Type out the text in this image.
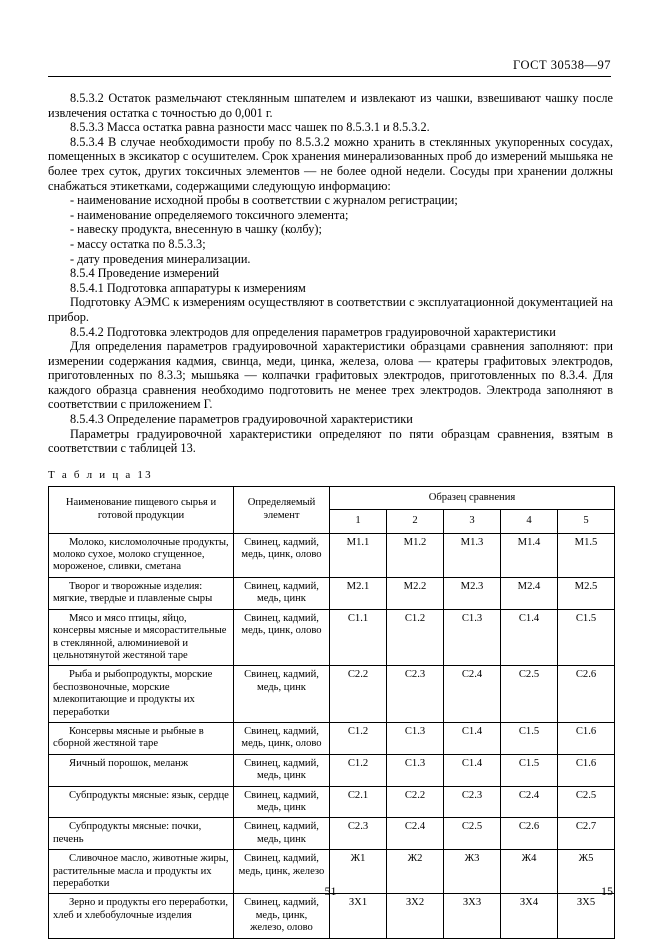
ГОСТ 30538—97

8.5.3.2 Остаток размельчают стеклянным шпателем и извлекают из чашки, взвешивают чашку после извлечения остатка с точностью до 0,001 г.

8.5.3.3 Масса остатка равна разности масс чашек по 8.5.3.1 и 8.5.3.2.

8.5.3.4 В случае необходимости пробу по 8.5.3.2 можно хранить в стеклянных укупоренных сосудах, помещенных в эксикатор с осушителем. Срок хранения минерализованных проб до измерений мышьяка не более трех суток, других токсичных элементов — не более одной недели. Сосуды при хранении должны снабжаться этикетками, содержащими следующую информацию:

- наименование исходной пробы в соответствии с журналом регистрации;

- наименование определяемого токсичного элемента;

- навеску продукта, внесенную в чашку (колбу);

- массу остатка по 8.5.3.3;

- дату проведения минерализации.

8.5.4 Проведение измерений

8.5.4.1 Подготовка аппаратуры к измерениям

Подготовку АЭМС к измерениям осуществляют в соответствии с эксплуатационной документацией на прибор.

8.5.4.2 Подготовка электродов для определения параметров градуировочной характеристики

Для определения параметров градуировочной характеристики образцами сравнения заполняют: при измерении содержания кадмия, свинца, меди, цинка, железа, олова — кратеры графитовых электродов, приготовленных по 8.3.3; мышьяка — колпачки графитовых электродов, приготовленных по 8.3.4. Для каждого образца сравнения необходимо подготовить не менее трех электродов. Электрода заполняют в соответствии с приложением Г.

8.5.4.3 Определение параметров градуировочной характеристики

Параметры градуировочной характеристики определяют по пяти образцам сравнения, взятым в соответствии с таблицей 13.

Т а б л и ц а 13
Наименование пищевого сырья и готовой продукции	Определяемый элемент	Образец сравнения				
		1	2	3	4	5
Молоко, кисломолочные продукты, молоко сухое, молоко сгущенное, мороженое, сливки, сметана	Свинец, кадмий, медь, цинк, олово	М1.1	М1.2	М1.3	М1.4	М1.5
Творог и творожные изделия: мягкие, твердые и плавленые сыры	Свинец, кадмий, медь, цинк	М2.1	М2.2	М2.3	М2.4	М2.5
Мясо и мясо птицы, яйцо, консервы мясные и мясорастительные в стеклянной, алюминиевой и цельнотянутой жестяной таре	Свинец, кадмий, медь, цинк, олово	С1.1	С1.2	С1.3	С1.4	С1.5
Рыба и рыбопродукты, морские беспозвоночные, морские млекопитающие и продукты их переработки	Свинец, кадмий, медь, цинк	С2.2	С2.3	С2.4	С2.5	С2.6
Консервы мясные и рыбные в сборной жестяной таре	Свинец, кадмий, медь, цинк, олово	С1.2	С1.3	С1.4	С1.5	С1.6
Яичный порошок, меланж	Свинец, кадмий, медь, цинк	С1.2	С1.3	С1.4	С1.5	С1.6
Субпродукты мясные: язык, сердце	Свинец, кадмий, медь, цинк	С2.1	С2.2	С2.3	С2.4	С2.5
Субпродукты мясные: почки, печень	Свинец, кадмий, медь, цинк	С2.3	С2.4	С2.5	С2.6	С2.7
Сливочное масло, животные жиры, растительные масла и продукты их переработки	Свинец, кадмий, медь, цинк, железо	Ж1	Ж2	Ж3	Ж4	Ж5
Зерно и продукты его переработки, хлеб и хлебобулочные изделия	Свинец, кадмий, медь, цинк, железо, олово	ЗХ1	ЗХ2	ЗХ3	ЗХ4	ЗХ5
51	15
